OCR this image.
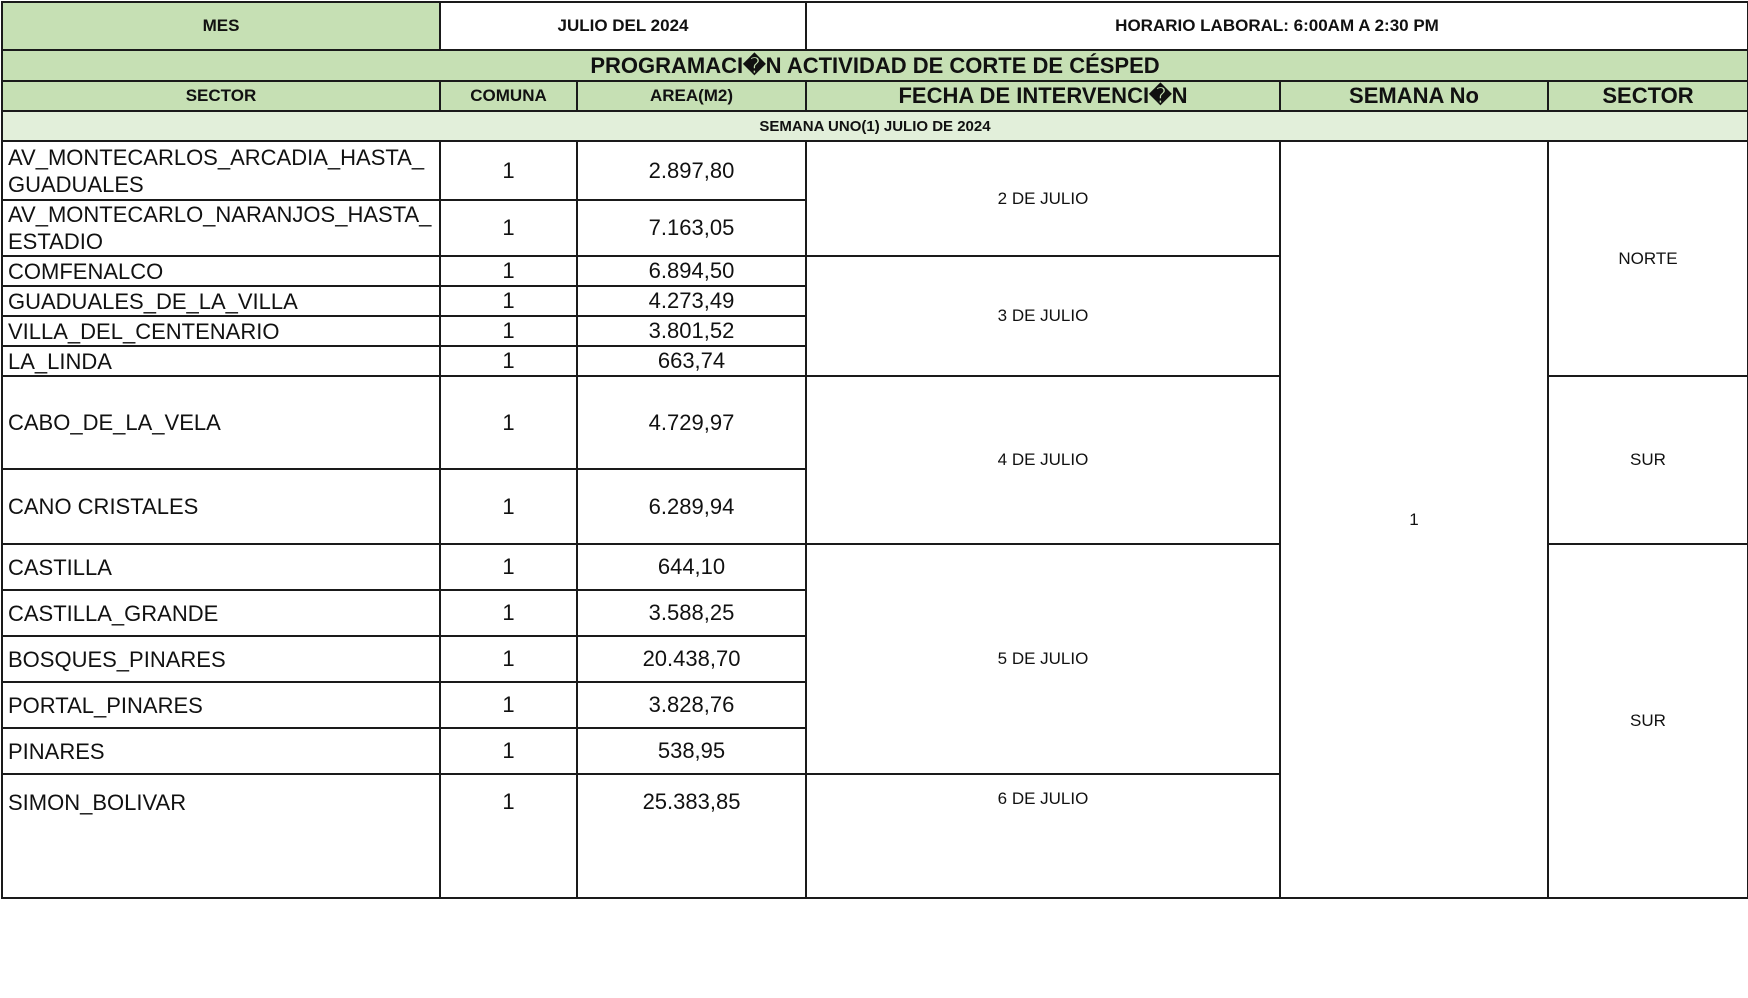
MES	JULIO DEL 2024		HORARIO LABORAL: 6:00AM A 2:30 PM		
PROGRAMACI�N ACTIVIDAD DE CORTE DE CÉSPED					
SECTOR	COMUNA	AREA(M2)	FECHA DE INTERVENCI�N	SEMANA No	SECTOR
SEMANA UNO(1) JULIO DE 2024					
AV_MONTECARLOS_ARCADIA_HASTA_GUADUALES	1	2.897,80	2 DE JULIO	1	NORTE
AV_MONTECARLO_NARANJOS_HASTA_ESTADIO	1	7.163,05			
COMFENALCO	1	6.894,50	3 DE JULIO		
GUADUALES_DE_LA_VILLA	1	4.273,49			
VILLA_DEL_CENTENARIO	1	3.801,52			
LA_LINDA	1	663,74			
CABO_DE_LA_VELA	1	4.729,97	4 DE JULIO		SUR
CANO CRISTALES	1	6.289,94			
CASTILLA	1	644,10	5 DE JULIO		SUR
CASTILLA_GRANDE	1	3.588,25			
BOSQUES_PINARES	1	20.438,70			
PORTAL_PINARES	1	3.828,76			
PINARES	1	538,95			
SIMON_BOLIVAR	1	25.383,85	6 DE JULIO		
